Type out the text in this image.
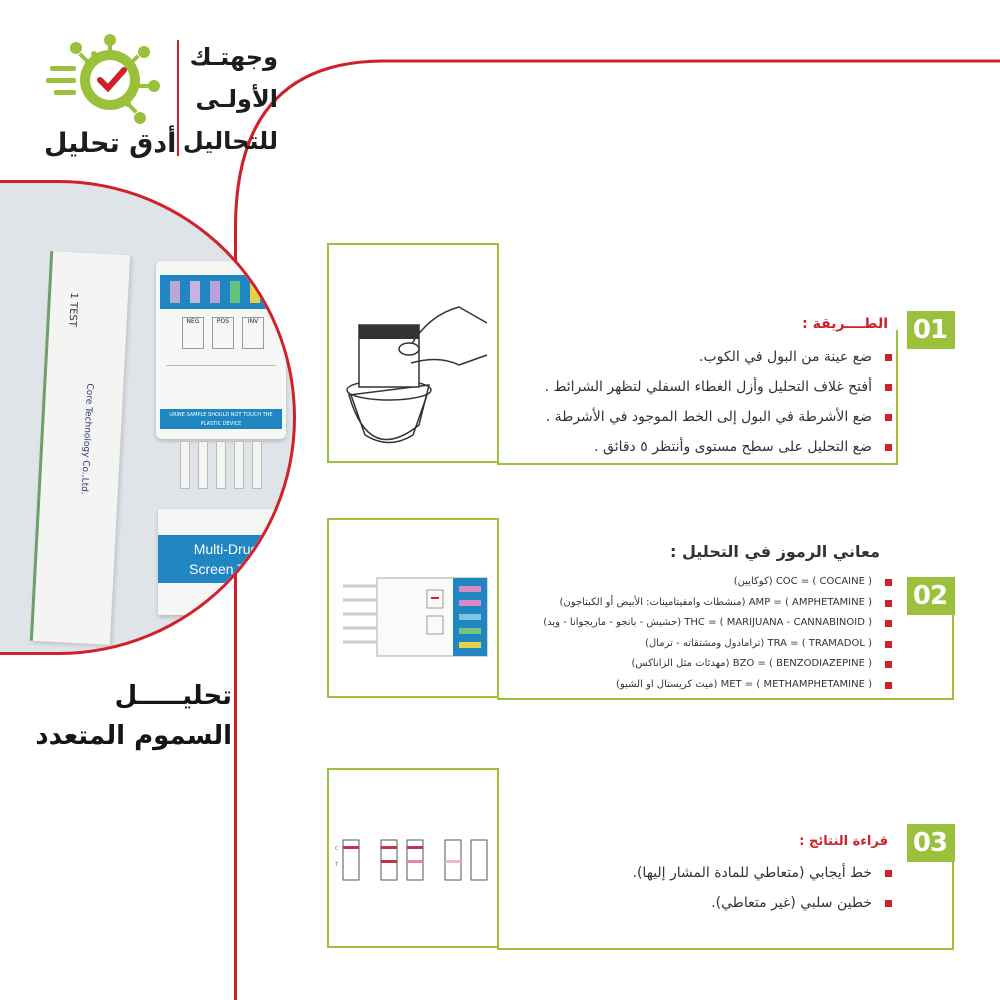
أدق تحليل
وجهتـك
الأولـى
للتحاليل
1 TEST
Core Technology Co.,Ltd.
NEG	POS	INV
URINE SAMPLE SHOULD NOT TOUCH THE PLASTIC DEVICE
Multi-Drug
Screen Test
تحليـــــل
السموم المتعدد
01
الطــــريقة :
ضع عينة من البول في الكوب.
أفتح غلاف التحليل وأزل الغطاء السفلي لتظهر الشرائط .
ضع الأشرطة في البول إلى الخط الموجود في الأشرطة .
ضع التحليل على سطح مستوى وأنتظر ٥ دقائق .
02
معاني الرموز في التحليل :
COC = ( COCAINE ) (كوكايين)
AMP = ( AMPHETAMINE ) (منشطات وامفيتامينات: الأبيض أو الكبتاجون)
THC = ( MARIJUANA - CANNABINOID ) (حشيش - بانجو - ماريجوانا - ويد)
TRA = ( TRAMADOL ) (ترامادول ومشتقاته - ترمال)
BZO = ( BENZODIAZEPINE ) (مهدئات مثل الزاناكس)
MET = ( METHAMPHETAMINE ) (ميث كريستال او الشبو)
C
T
03
قراءة النتائج :
خط أيجابي (متعاطي للمادة المشار إليها).
خطين سلبي (غير متعاطي).
